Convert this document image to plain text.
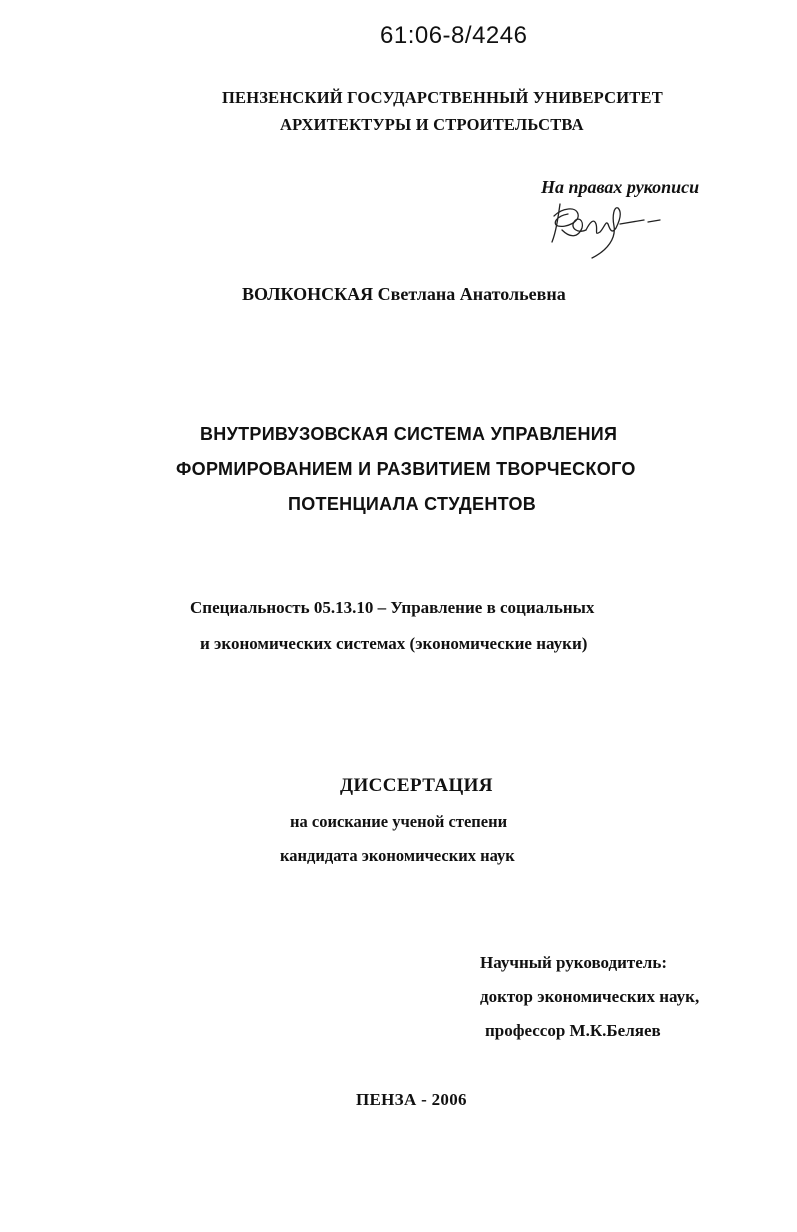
61:06-8/4246

ПЕНЗЕНСКИЙ ГОСУДАРСТВЕННЫЙ УНИВЕРСИТЕТ

АРХИТЕКТУРЫ И СТРОИТЕЛЬСТВА

На правах рукописи

ВОЛКОНСКАЯ Светлана Анатольевна

ВНУТРИВУЗОВСКАЯ СИСТЕМА УПРАВЛЕНИЯ

ФОРМИРОВАНИЕМ И РАЗВИТИЕМ ТВОРЧЕСКОГО

ПОТЕНЦИАЛА СТУДЕНТОВ

Специальность 05.13.10 – Управление в социальных

и экономических системах (экономические науки)

ДИССЕРТАЦИЯ

на соискание ученой степени

кандидата экономических наук

Научный руководитель:

доктор экономических наук,

профессор М.К.Беляев

ПЕНЗА - 2006
